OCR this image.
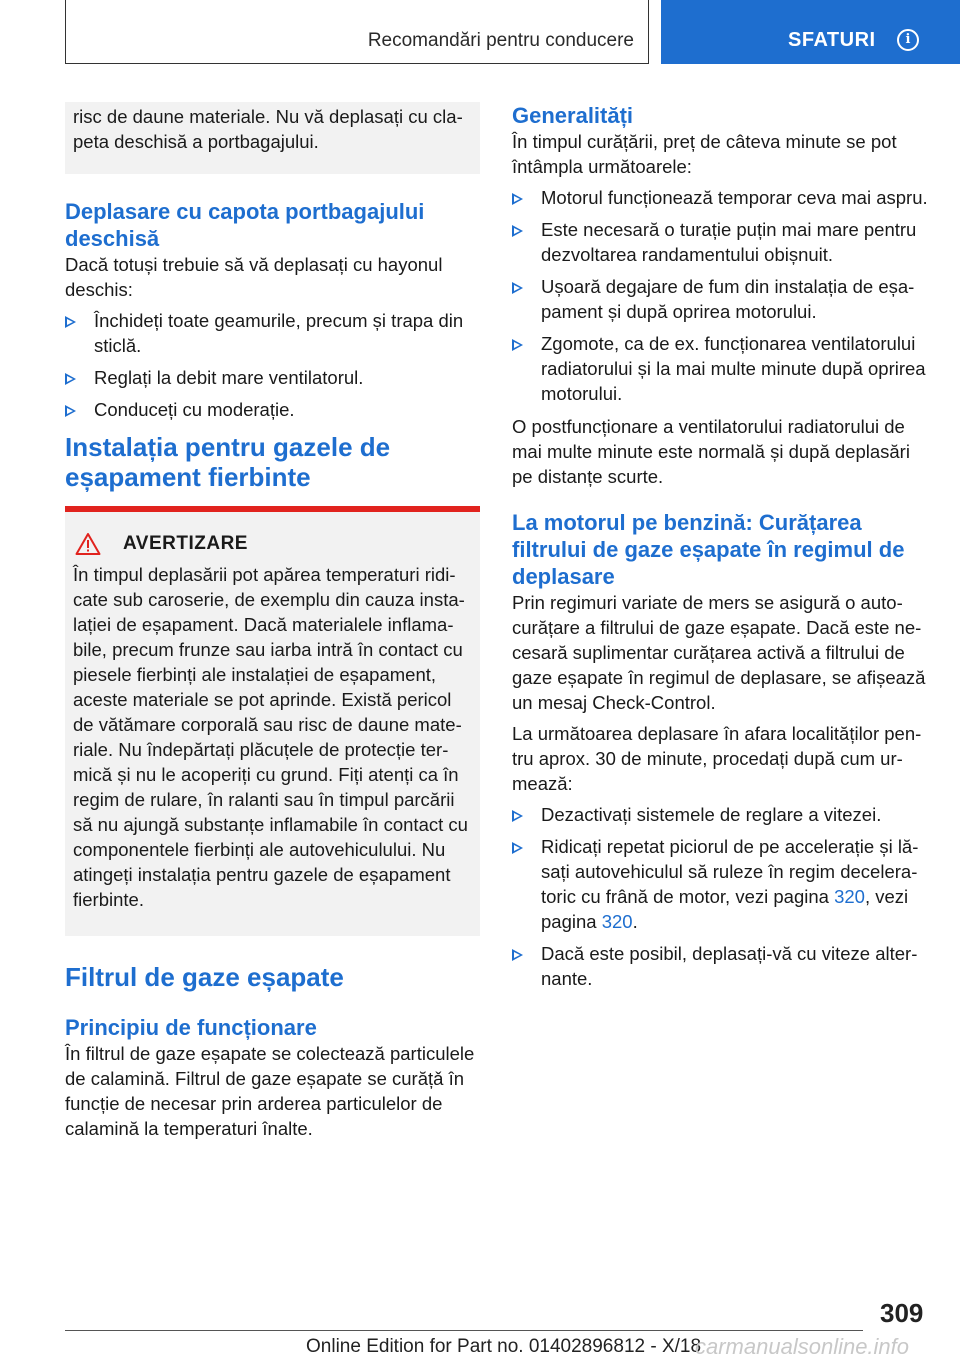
Recomandări pentru conducere	SFATURI	i

risc de daune materiale. Nu vă deplasați cu clapeta deschisă a portbagajului.

Deplasare cu capota portbagajului deschisă

Dacă totuși trebuie să vă deplasați cu hayonul deschis:

Închideți toate geamurile, precum și trapa din sticlă.
Reglați la debit mare ventilatorul.
Conduceți cu moderație.
Instalația pentru gazele de eșapament fierbinte
AVERTIZARE

În timpul deplasării pot apărea temperaturi ridicate sub caroserie, de exemplu din cauza instalației de eșapament. Dacă materialele inflamabile, precum frunze sau iarba intră în contact cu piesele fierbinți ale instalației de eșapament, aceste materiale se pot aprinde. Există pericol de vătămare corporală sau risc de daune materiale. Nu îndepărtați plăcuțele de protecție termică și nu le acoperiți cu grund. Fiți atenți ca în regim de rulare, în ralanti sau în timpul parcării să nu ajungă substanțe inflamabile în contact cu componentele fierbinți ale autovehiculului. Nu atingeți instalația pentru gazele de eșapament fierbinte.

Filtrul de gaze eșapate
Principiu de funcționare

În filtrul de gaze eșapate se colectează particulele de calamină. Filtrul de gaze eșapate se curățǎ în funcție de necesar prin arderea particulelor de calamină la temperaturi înalte.

Generalități

În timpul curățării, preț de câteva minute se pot întâmpla următoarele:

Motorul funcționează temporar ceva mai aspru.
Este necesară o turație puțin mai mare pentru dezvoltarea randamentului obișnuit.
Ușoară degajare de fum din instalația de eșapament și după oprirea motorului.
Zgomote, ca de ex. funcționarea ventilatorului radiatorului și la mai multe minute după oprirea motorului.

O postfuncționare a ventilatorului radiatorului de mai multe minute este normală și după deplasări pe distanțe scurte.

La motorul pe benzină: Curățarea filtrului de gaze eșapate în regimul de deplasare

Prin regimuri variate de mers se asigură o autocurățare a filtrului de gaze eșapate. Dacă este necesară suplimentar curățarea activă a filtrului de gaze eșapate în regimul de deplasare, se afișează un mesaj Check-Control.

La următoarea deplasare în afara localităților pentru aprox. 30 de minute, procedați după cum urmează:

Dezactivați sistemele de reglare a vitezei.
Ridicați repetat piciorul de pe accelerație și lăsați autovehiculul să ruleze în regim deceleratoric cu frână de motor, vezi pagina 320, vezi pagina 320.
Dacă este posibil, deplasați-vă cu viteze alternante.
309
Online Edition for Part no. 01402896812 - X/18
carmanualsonline.info
